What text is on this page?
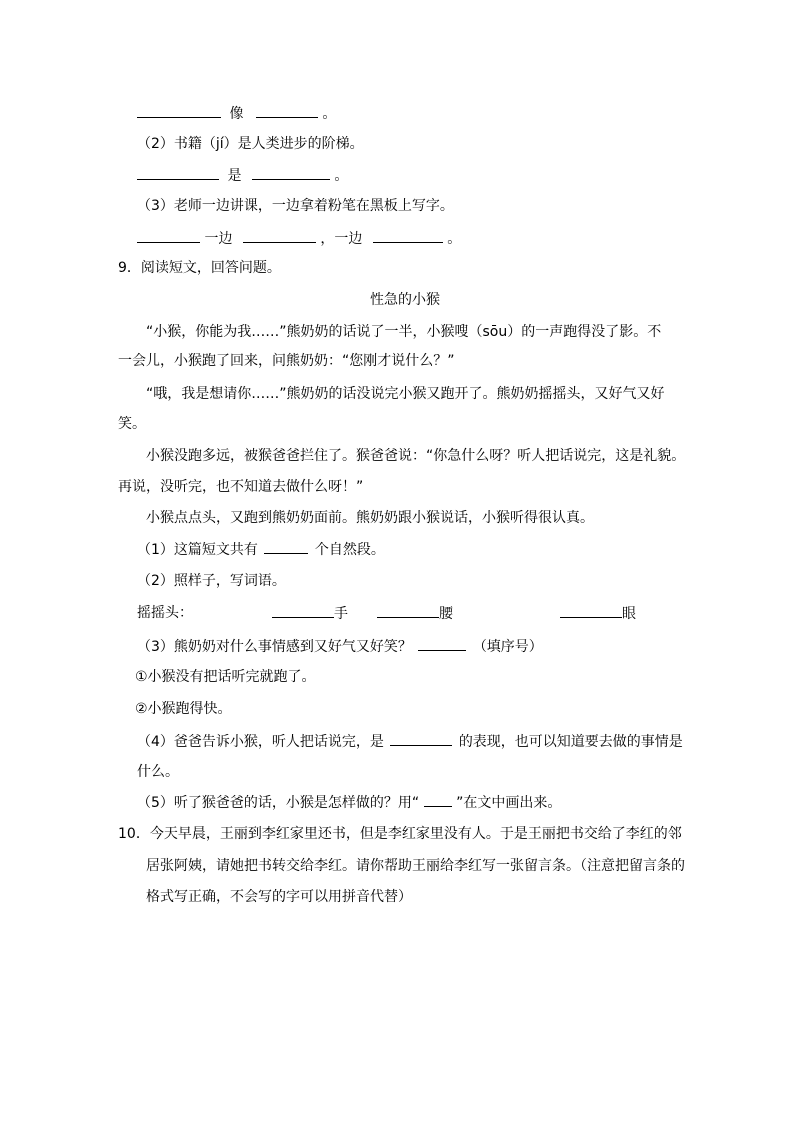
像	。
（2）书籍（jí）是人类进步的阶梯。
是	。
（3）老师一边讲课，一边拿着粉笔在黑板上写字。
一边	，一边	。
9．阅读短文，回答问题。
性急的小猴
“小猴，你能为我……”熊奶奶的话说了一半，小猴嗖（sōu）的一声跑得没了影。不
一会儿，小猴跑了回来，问熊奶奶：“您刚才说什么？”
“哦，我是想请你……”熊奶奶的话没说完小猴又跑开了。熊奶奶摇摇头，又好气又好
笑。
小猴没跑多远，被猴爸爸拦住了。猴爸爸说：“你急什么呀？听人把话说完，这是礼貌。
再说，没听完，也不知道去做什么呀！”
小猴点点头，又跑到熊奶奶面前。熊奶奶跟小猴说话，小猴听得很认真。
（1）这篇短文共有	个自然段。
（2）照样子，写词语。
摇摇头：	手	腰	眼
（3）熊奶奶对什么事情感到又好气又好笑？	（填序号）
①小猴没有把话听完就跑了。
②小猴跑得快。
（4）爸爸告诉小猴，听人把话说完，是	的表现，也可以知道要去做的事情是
什么。
（5）听了猴爸爸的话，小猴是怎样做的？用“	”在文中画出来。
10．今天早晨，王丽到李红家里还书，但是李红家里没有人。于是王丽把书交给了李红的邻
居张阿姨，请她把书转交给李红。请你帮助王丽给李红写一张留言条。（注意把留言条的
格式写正确，不会写的字可以用拼音代替）
